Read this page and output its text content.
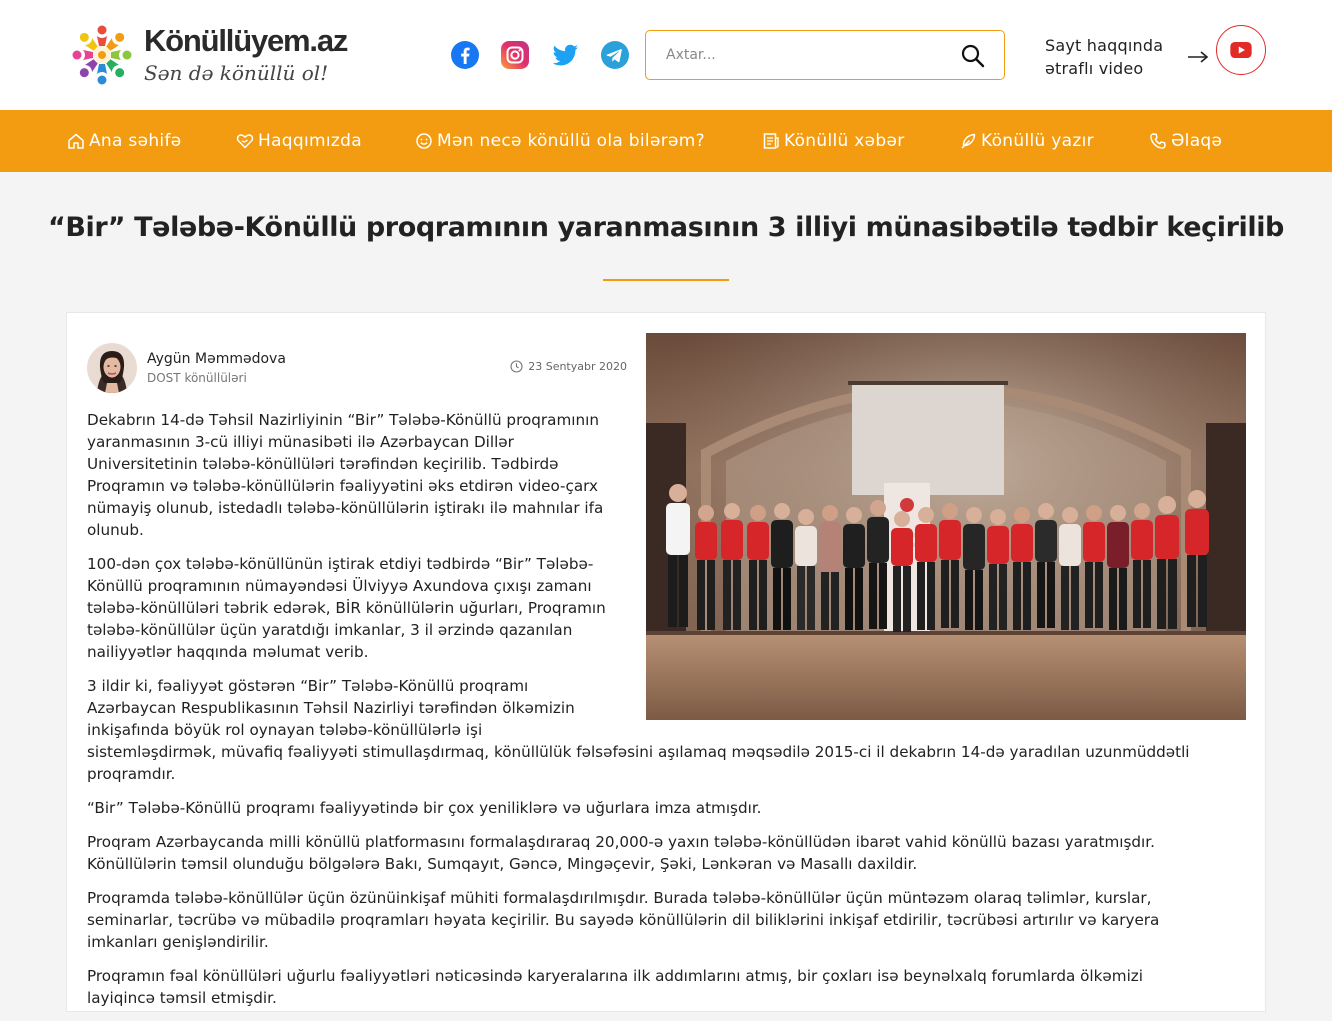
Könüllüyem.az
Sən də könüllü ol!
Axtar...
Sayt haqqında
ətraflı video
Ana səhifə	Haqqımızda	Mən necə könüllü ola bilərəm?	Könüllü xəbər	Könüllü yazır	Əlaqə
“Bir” Tələbə-Könüllü proqramının yaranmasının 3 illiyi münasibətilə tədbir keçirilib
Aygün Məmmədova
DOST könüllüləri
23 Sentyabr 2020

Dekabrın 14-də Təhsil Nazirliyinin “Bir” Tələbə-Könüllü proqramının yaranmasının 3-cü illiyi münasibəti ilə Azərbaycan Dillər Universitetinin tələbə-könüllüləri tərəfindən keçirilib. Tədbirdə Proqramın və tələbə-könüllülərin fəaliyyətini əks etdirən video-çarx nümayiş olunub, istedadlı tələbə-könüllülərin iştirakı ilə mahnılar ifa olunub.

100-dən çox tələbə-könüllünün iştirak etdiyi tədbirdə “Bir” Tələbə-Könüllü proqramının nümayəndəsi Ülviyyə Axundova çıxışı zamanı tələbə-könüllüləri təbrik edərək, BİR könüllülərin uğurları, Proqramın tələbə-könüllülər üçün yaratdığı imkanlar, 3 il ərzində qazanılan nailiyyətlər haqqında məlumat verib.

3 ildir ki, fəaliyyət göstərən “Bir” Tələbə-Könüllü proqramı Azərbaycan Respublikasının Təhsil Nazirliyi tərəfindən ölkəmizin inkişafında böyük rol oynayan tələbə-könüllülərlə işi sistemləşdirmək, müvafiq fəaliyyəti stimullaşdırmaq, könüllülük fəlsəfəsini aşılamaq məqsədilə 2015-ci il dekabrın 14-də yaradılan uzunmüddətli proqramdır.

“Bir” Tələbə-Könüllü proqramı fəaliyyətində bir çox yeniliklərə və uğurlara imza atmışdır.

Proqram Azərbaycanda milli könüllü platformasını formalaşdıraraq 20,000-ə yaxın tələbə-könüllüdən ibarət vahid könüllü bazası yaratmışdır. Könüllülərin təmsil olunduğu bölgələrə Bakı, Sumqayıt, Gəncə, Mingəçevir, Şəki, Lənkəran və Masallı daxildir.

Proqramda tələbə-könüllülər üçün özünüinkişaf mühiti formalaşdırılmışdır. Burada tələbə-könüllülər üçün müntəzəm olaraq təlimlər, kurslar, seminarlar, təcrübə və mübadilə proqramları həyata keçirilir. Bu sayədə könüllülərin dil biliklərini inkişaf etdirilir, təcrübəsi artırılır və karyera imkanları genişləndirilir.

Proqramın fəal könüllüləri uğurlu fəaliyyətləri nəticəsində karyeralarına ilk addımlarını atmış, bir çoxları isə beynəlxalq forumlarda ölkəmizi layiqincə təmsil etmişdir.
